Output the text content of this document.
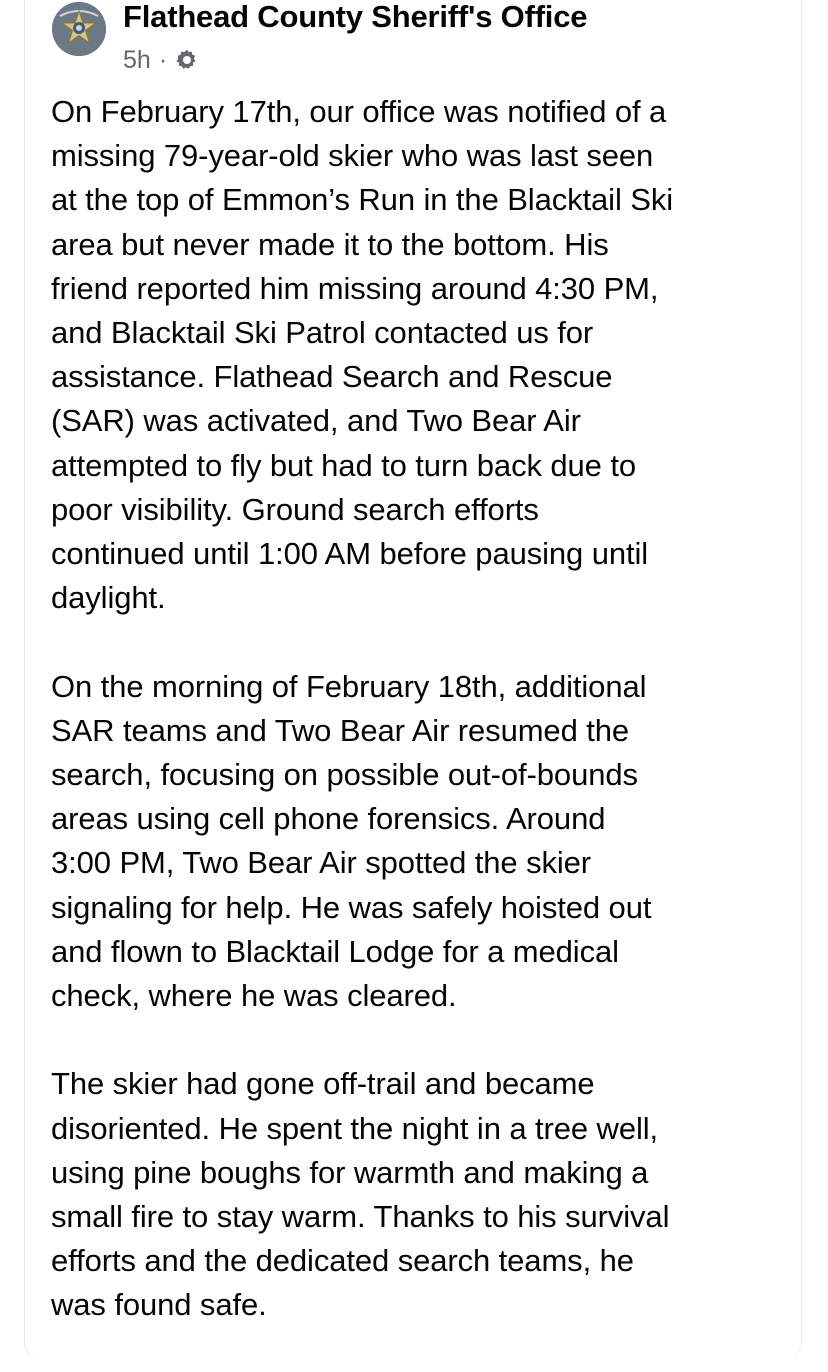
Flathead County Sheriff's Office
5h ·

On February 17th, our office was notified of a
missing 79-year-old skier who was last seen
at the top of Emmon’s Run in the Blacktail Ski
area but never made it to the bottom. His
friend reported him missing around 4:30 PM,
and Blacktail Ski Patrol contacted us for
assistance. Flathead Search and Rescue
(SAR) was activated, and Two Bear Air
attempted to fly but had to turn back due to
poor visibility. Ground search efforts
continued until 1:00 AM before pausing until
daylight.

On the morning of February 18th, additional
SAR teams and Two Bear Air resumed the
search, focusing on possible out-of-bounds
areas using cell phone forensics. Around
3:00 PM, Two Bear Air spotted the skier
signaling for help. He was safely hoisted out
and flown to Blacktail Lodge for a medical
check, where he was cleared.

The skier had gone off-trail and became
disoriented. He spent the night in a tree well,
using pine boughs for warmth and making a
small fire to stay warm. Thanks to his survival
efforts and the dedicated search teams, he
was found safe.
